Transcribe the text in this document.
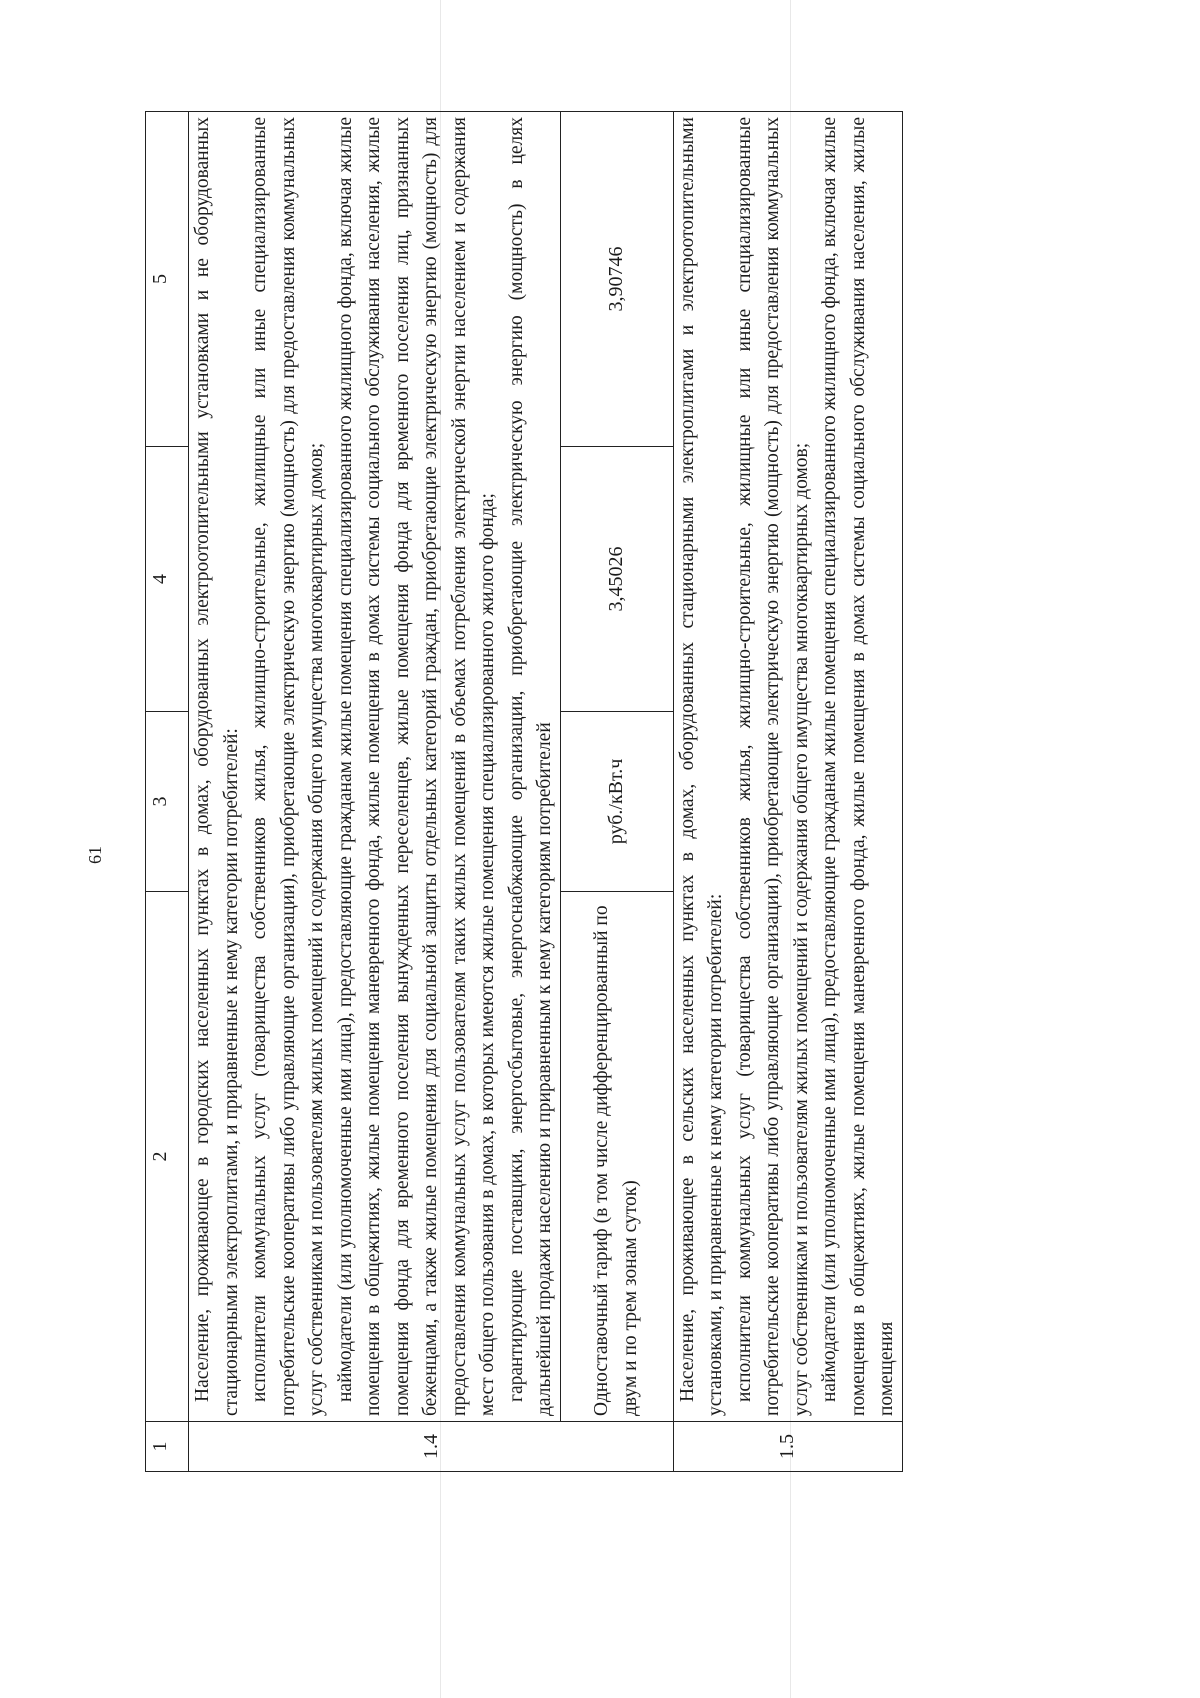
61
1	2	3	4	5
1.4	Население, проживающее в городских населенных пунктах в домах, оборудованных электроотопительными установками и не оборудованных стационарными электроплитами, и приравненные к нему категории потребителей: исполнители коммунальных услуг (товарищества собственников жилья, жилищно-строительные, жилищные или иные специализированные потребительские кооперативы либо управляющие организации), приобретающие электрическую энергию (мощность) для предоставления коммунальных услуг собственникам и пользователям жилых помещений и содержания общего имущества многоквартирных домов; наймодатели (или уполномоченные ими лица), предоставляющие гражданам жилые помещения специализированного жилищного фонда, включая жилые помещения в общежитиях, жилые помещения маневренного фонда, жилые помещения в домах системы социального обслуживания населения, жилые помещения фонда для временного поселения вынужденных переселенцев, жилые помещения фонда для временного поселения лиц, признанных беженцами, а также жилые помещения для социальной защиты отдельных категорий граждан, приобретающие электрическую энергию (мощность) для предоставления коммунальных услуг пользователям таких жилых помещений в объемах потребления электрической энергии населением и содержания мест общего пользования в домах, в которых имеются жилые помещения специализированного жилого фонда; гарантирующие поставщики, энергосбытовые, энергоснабжающие организации, приобретающие электрическую энергию (мощность) в целях дальнейшей продажи населению и приравненным к нему категориям потребителей			

	Одноставочный тариф (в том числе дифференцированный по двум и по трем зонам суток)	руб./кВт.ч	3,45026	3,90746
1.5	Население, проживающее в сельских населенных пунктах в домах, оборудованных стационарными электроплитами и электроотопительными установками, и приравненные к нему категории потребителей: исполнители коммунальных услуг (товарищества собственников жилья, жилищно-строительные, жилищные или иные специализированные потребительские кооперативы либо управляющие организации), приобретающие электрическую энергию (мощность) для предоставления коммунальных услуг собственникам и пользователям жилых помещений и содержания общего имущества многоквартирных домов; наймодатели (или уполномоченные ими лица), предоставляющие гражданам жилые помещения специализированного жилищного фонда, включая жилые помещения в общежитиях, жилые помещения маневренного фонда, жилые помещения в домах системы социального обслуживания населения, жилые помещения			
